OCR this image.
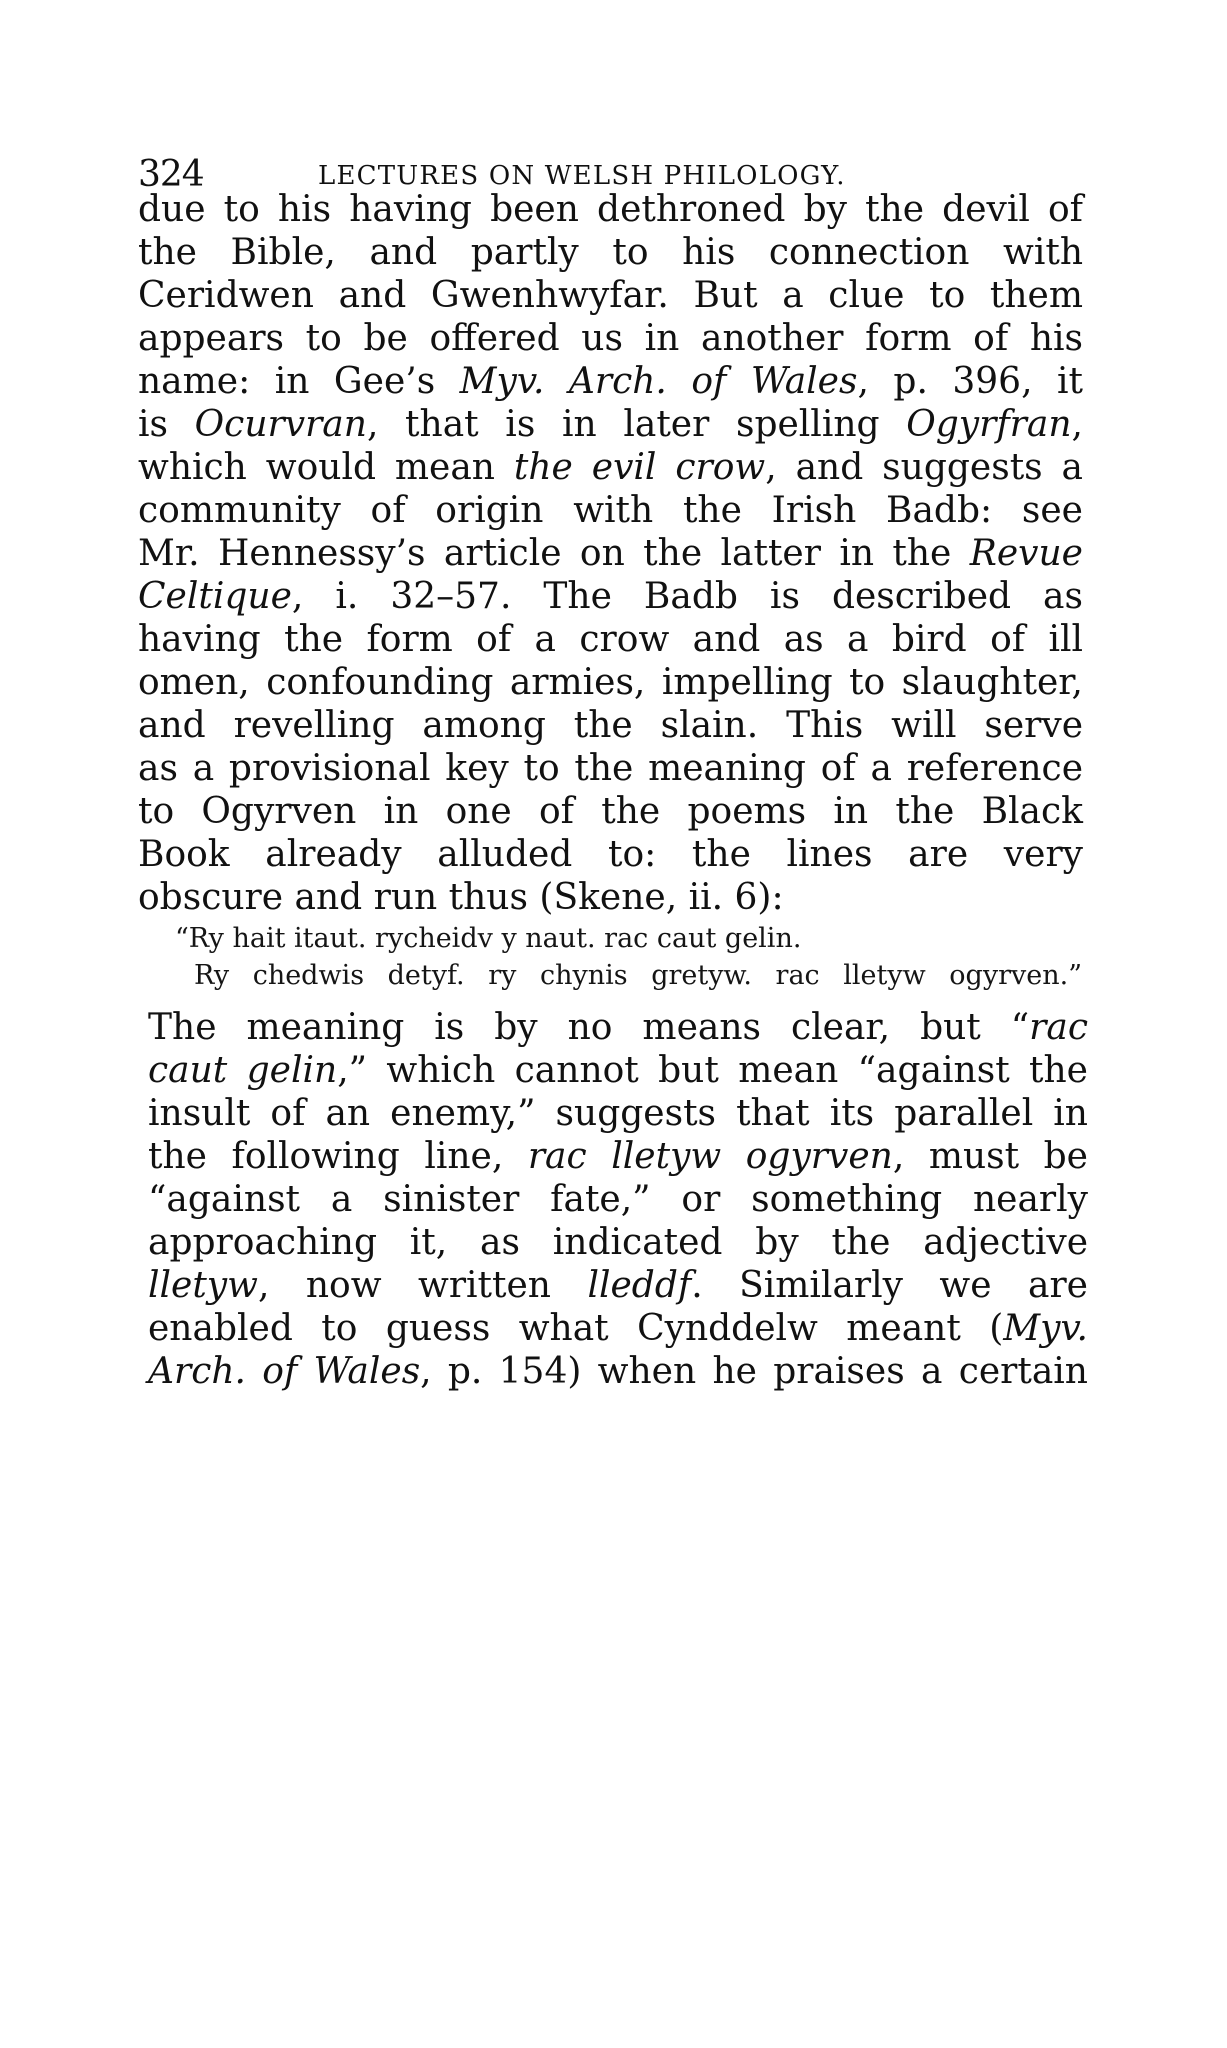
324	LECTURES ON WELSH PHILOLOGY.
due to his having been dethroned by the devil of
the Bible, and partly to his connection with
Ceridwen and Gwenhwyfar. But a clue to them
appears to be offered us in another form of his
name: in Gee’s Myv. Arch. of Wales, p. 396, it
is Ocurvran, that is in later spelling Ogyrfran,
which would mean the evil crow, and suggests a
community of origin with the Irish Badb: see
Mr. Hennessy’s article on the latter in the Revue
Celtique, i. 32–57. The Badb is described as
having the form of a crow and as a bird of ill
omen, confounding armies, impelling to slaughter,
and revelling among the slain. This will serve
as a provisional key to the meaning of a reference
to Ogyrven in one of the poems in the Black
Book already alluded to: the lines are very
obscure and run thus (Skene, ii. 6):
“Ry hait itaut. rycheidv y naut. rac caut gelin.
Ry chedwis detyf. ry chynis gretyw. rac lletyw ogyrven.”
The meaning is by no means clear, but “rac
caut gelin,” which cannot but mean “against the
insult of an enemy,” suggests that its parallel in
the following line, rac lletyw ogyrven, must be
“against a sinister fate,” or something nearly
approaching it, as indicated by the adjective
lletyw, now written lleddf. Similarly we are
enabled to guess what Cynddelw meant (Myv.
Arch. of Wales, p. 154) when he praises a certain
